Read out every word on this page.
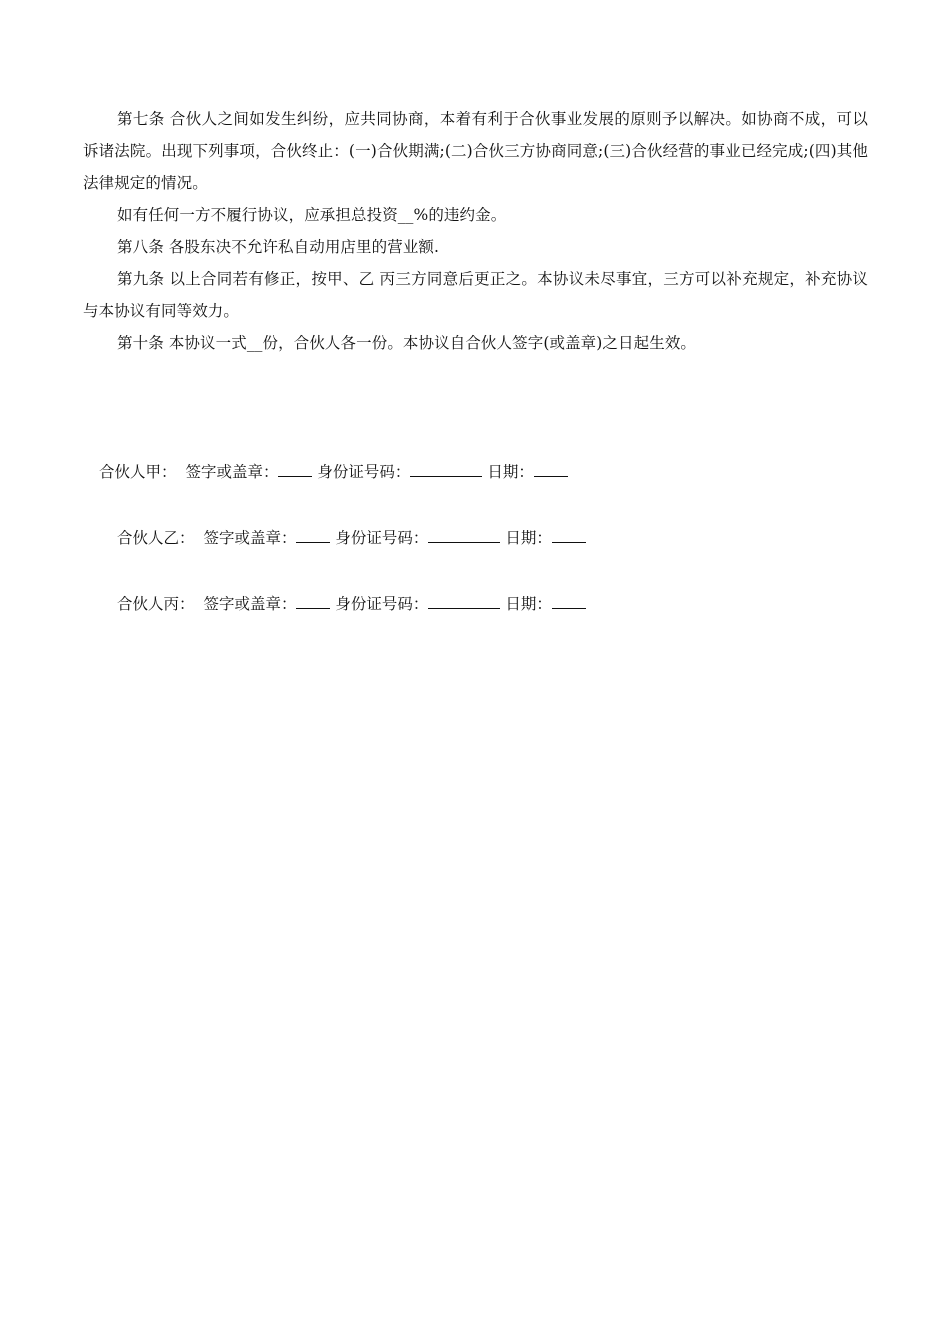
第七条 合伙人之间如发生纠纷，应共同协商，本着有利于合伙事业发展的原则予以解决。如协商不成，可以诉诸法院。出现下列事项，合伙终止：(一)合伙期满;(二)合伙三方协商同意;(三)合伙经营的事业已经完成;(四)其他法律规定的情况。

如有任何一方不履行协议，应承担总投资__%的违约金。

第八条 各股东决不允许私自动用店里的营业额.

第九条 以上合同若有修正，按甲、乙 丙三方同意后更正之。本协议未尽事宜，三方可以补充规定，补充协议与本协议有同等效力。

第十条 本协议一式__份，合伙人各一份。本协议自合伙人签字(或盖章)之日起生效。

合伙人甲： 签字或盖章：	身份证号码：	日期：
合伙人乙： 签字或盖章：	身份证号码：	日期：
合伙人丙： 签字或盖章：	身份证号码：	日期：
